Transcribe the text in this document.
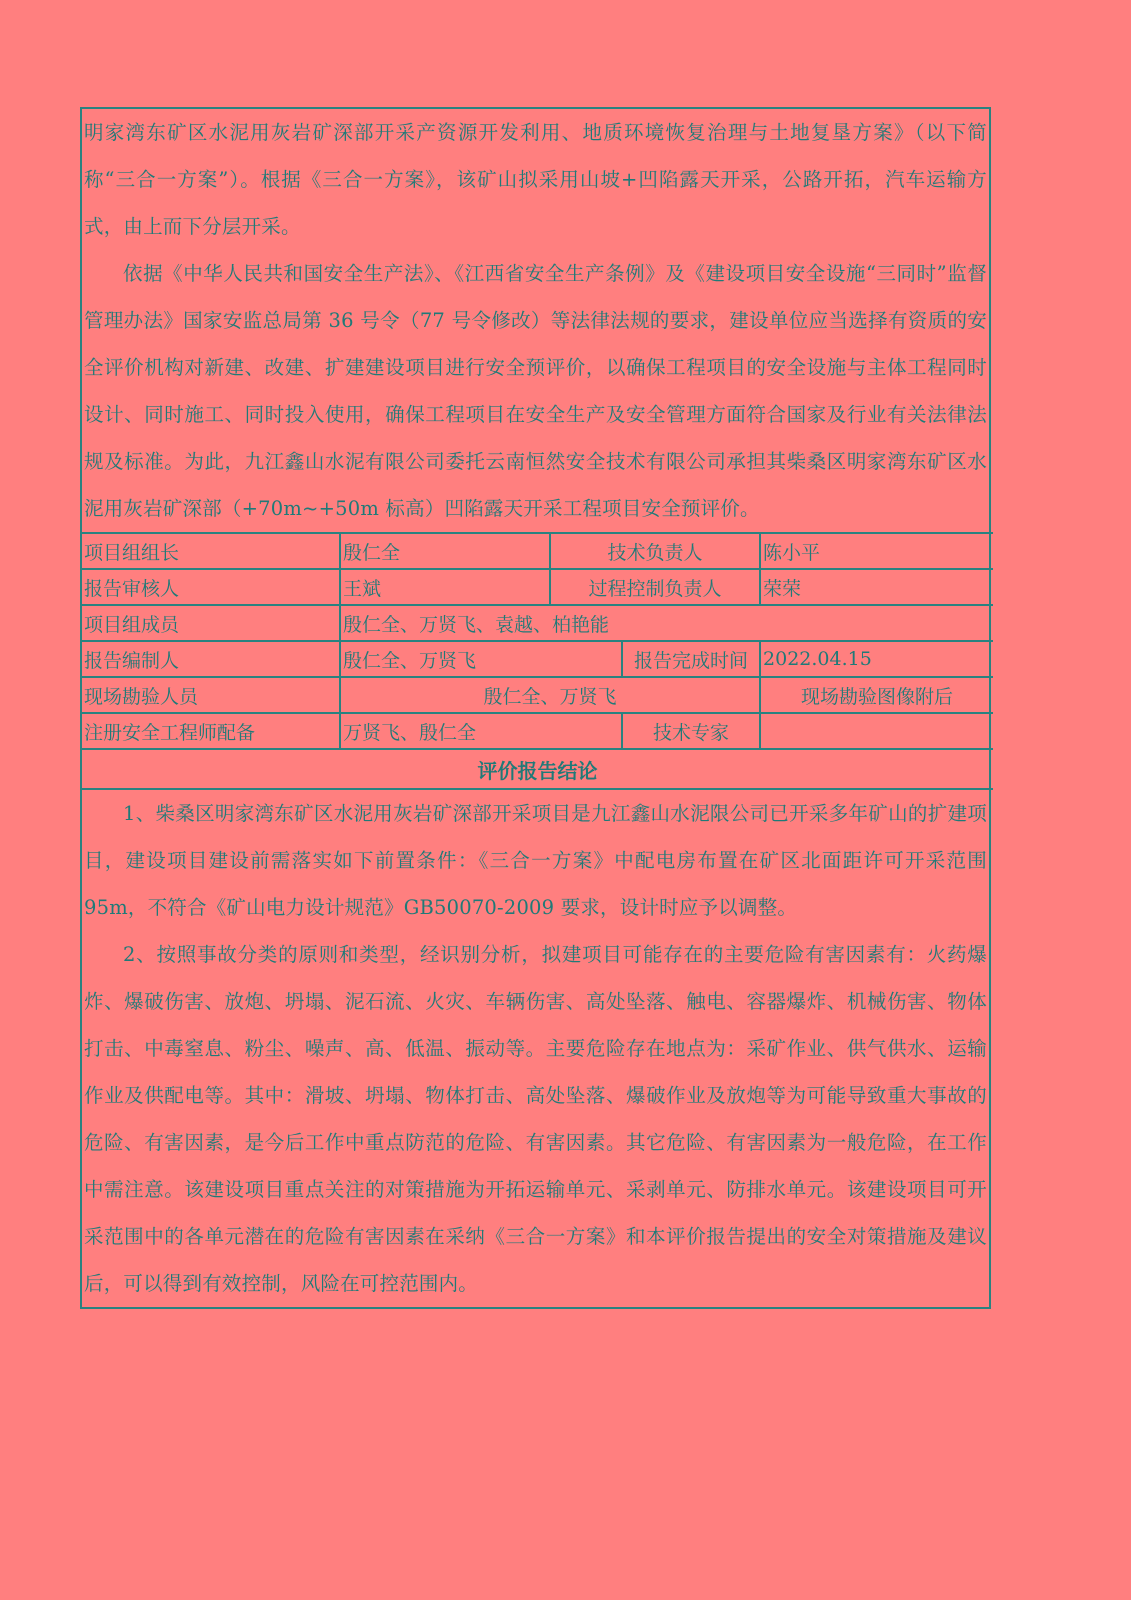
明家湾东矿区水泥用灰岩矿深部开采产资源开发利用、地质环境恢复治理与土地复垦方案》（以下简称“三合一方案”）。根据《三合一方案》，该矿山拟采用山坡+凹陷露天开采，公路开拓，汽车运输方式，由上而下分层开采。

依据《中华人民共和国安全生产法》、《江西省安全生产条例》及《建设项目安全设施“三同时”监督管理办法》国家安监总局第 36 号令（77 号令修改）等法律法规的要求，建设单位应当选择有资质的安全评价机构对新建、改建、扩建建设项目进行安全预评价，以确保工程项目的安全设施与主体工程同时设计、同时施工、同时投入使用，确保工程项目在安全生产及安全管理方面符合国家及行业有关法律法规及标准。为此，九江鑫山水泥有限公司委托云南恒然安全技术有限公司承担其柴桑区明家湾东矿区水泥用灰岩矿深部（+70m~+50m 标高）凹陷露天开采工程项目安全预评价。

项目组组长	殷仁全	技术负责人		陈小平
报告审核人	王斌	过程控制负责人		荣荣
项目组成员	殷仁全、万贤飞、袁越、柏艳能			
报告编制人	殷仁全、万贤飞		报告完成时间	2022.04.15
现场勘验人员	殷仁全、万贤飞			现场勘验图像附后
注册安全工程师配备	万贤飞、殷仁全		技术专家	
评价报告结论				

1、柴桑区明家湾东矿区水泥用灰岩矿深部开采项目是九江鑫山水泥限公司已开采多年矿山的扩建项目，建设项目建设前需落实如下前置条件：《三合一方案》中配电房布置在矿区北面距许可开采范围 95m，不符合《矿山电力设计规范》GB50070-2009 要求，设计时应予以调整。

2、按照事故分类的原则和类型，经识别分析，拟建项目可能存在的主要危险有害因素有：火药爆炸、爆破伤害、放炮、坍塌、泥石流、火灾、车辆伤害、高处坠落、触电、容器爆炸、机械伤害、物体打击、中毒窒息、粉尘、噪声、高、低温、振动等。主要危险存在地点为：采矿作业、供气供水、运输作业及供配电等。其中：滑坡、坍塌、物体打击、高处坠落、爆破作业及放炮等为可能导致重大事故的危险、有害因素，是今后工作中重点防范的危险、有害因素。其它危险、有害因素为一般危险，在工作中需注意。该建设项目重点关注的对策措施为开拓运输单元、采剥单元、防排水单元。该建设项目可开采范围中的各单元潜在的危险有害因素在采纳《三合一方案》和本评价报告提出的安全对策措施及建议后，可以得到有效控制，风险在可控范围内。
